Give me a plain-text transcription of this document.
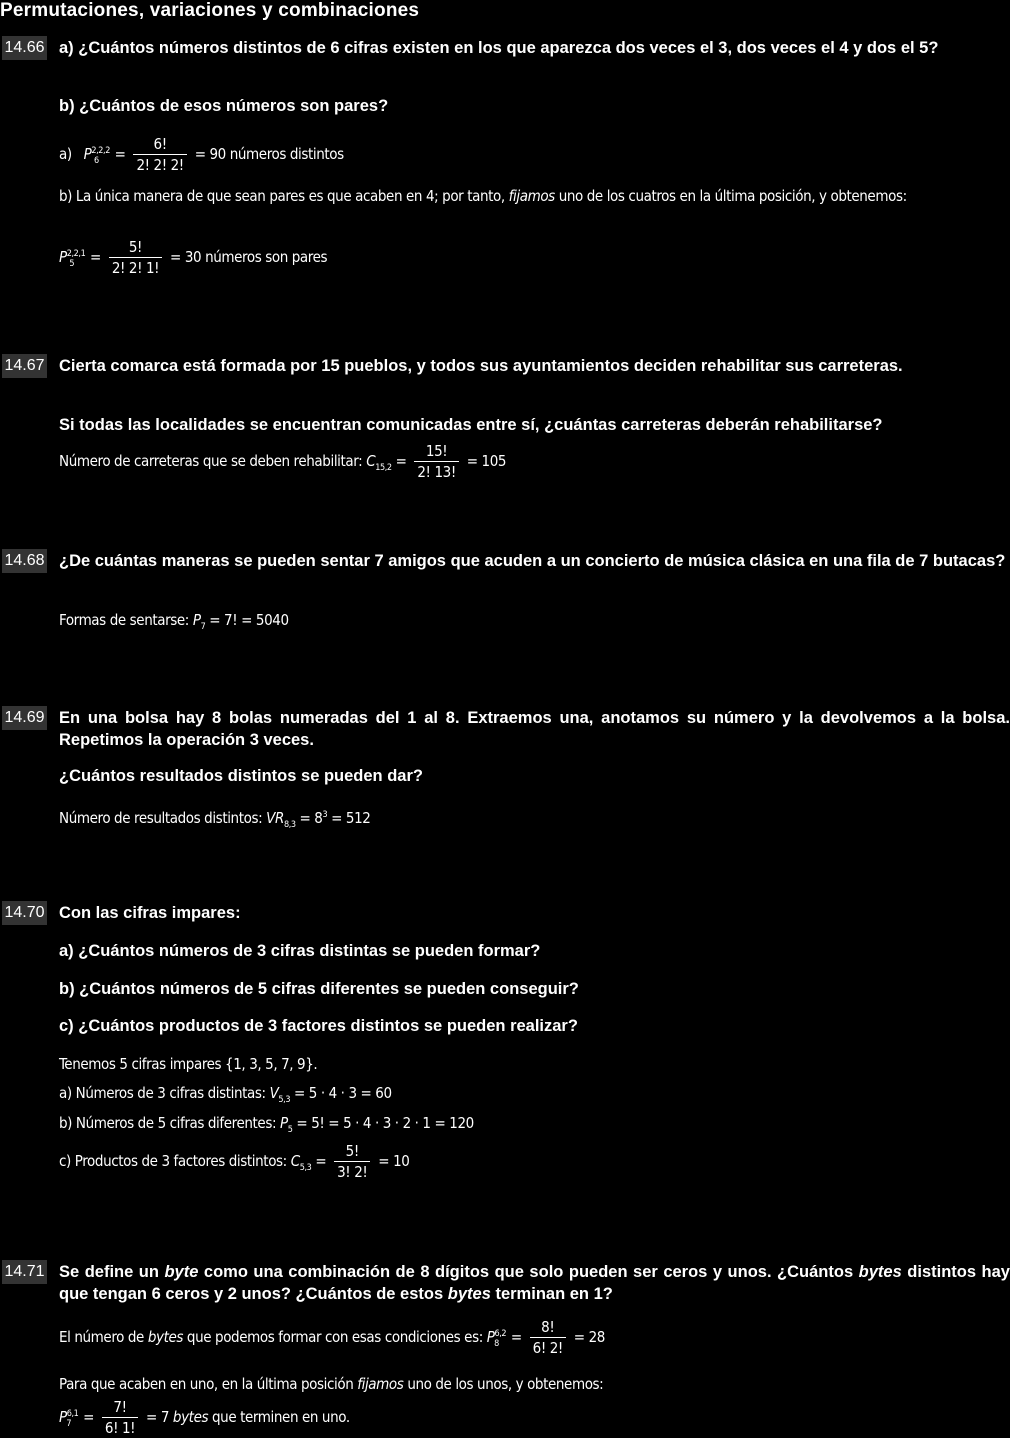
Permutaciones, variaciones y combinaciones
14.66 a) ¿Cuántos números distintos de 6 cifras existen en los que aparezca dos veces el 3, dos veces el 4 y dos el 5?
b) ¿Cuántos de esos números son pares?
a) $P^{2,2,2}_6 = \frac{6!}{2! 2! 2!} = 90$ números distintos
b) La única manera de que sean pares es que acaben en 4; por tanto, fijamos uno de los cuatros en la última posición, y obtenemos:
$P^{2,2,1}_5 = \frac{5!}{2! 2! 1!} = 30$ números son pares
14.67 Cierta comarca está formada por 15 pueblos, y todos sus ayuntamientos deciden rehabilitar sus carreteras.
Si todas las localidades se encuentran comunicadas entre sí, ¿cuántas carreteras deberán rehabilitarse?
Número de carreteras que se deben rehabilitar: $C_{15,2} = \frac{15!}{2! 13!} = 105$
14.68 ¿De cuántas maneras se pueden sentar 7 amigos que acuden a un concierto de música clásica en una fila de 7 butacas?
Formas de sentarse: $P_7 = 7$! = 5040
14.69 En una bolsa hay 8 bolas numeradas del 1 al 8. Extraemos una, anotamos su número y la devolvemos a la bolsa. Repetimos la operación 3 veces.
¿Cuántos resultados distintos se pueden dar?
Número de resultados distintos: $VR_{8,3} = 8^3 = 512$
14.70 Con las cifras impares:
a) ¿Cuántos números de 3 cifras distintas se pueden formar?
b) ¿Cuántos números de 5 cifras diferentes se pueden conseguir?
c) ¿Cuántos productos de 3 factores distintos se pueden realizar?
Tenemos 5 cifras impares {1, 3, 5, 7, 9}.
a) Números de 3 cifras distintas: $V_{5,3} = 5 \cdot 4 \cdot 3 = 60$
b) Números de 5 cifras diferentes: $P_5 = 5$! = 5 · 4 · 3 · 2 · 1 = 120
c) Productos de 3 factores distintos: $C_{5,3} = \frac{5!}{3! 2!} = 10$
14.71 Se define un byte como una combinación de 8 dígitos que solo pueden ser ceros y unos. ¿Cuántos bytes distintos hay que tengan 6 ceros y 2 unos? ¿Cuántos de estos bytes terminan en 1?
El número de bytes que podemos formar con esas condiciones es: $P^{6,2}_8 = \frac{8!}{6! 2!} = 28$
Para que acaben en uno, en la última posición fijamos uno de los unos, y obtenemos:
$P^{6,1}_7 = \frac{7!}{6! 1!} = 7$ bytes que terminen en uno.
